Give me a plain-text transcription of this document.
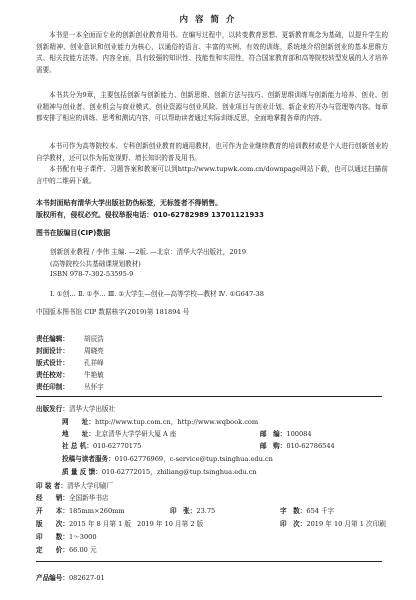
内 容 简 介

本书是一本全面而专业的创新创业教育用书。在编写过程中，以转变教育思想、更新教育观念为基础，以提升学生的创新精神、创业意识和创业能力为核心，以通俗的语言、丰富的实例、有效的训练，系统地介绍创新创业的基本思维方式、相关技能方法等。内容全面，具有较强的知识性、技能性和实用性，符合国家教育部和高等院校转型发展的人才培养需要。

本书共分为9章，主要包括创新与创新能力、创新思维、创新方法与技巧、创新思维训练与创新能力培养、创业、创业精神与创业者、创业机会与商业模式、创业资源与创业风险、创业项目与创业计划、新企业的开办与管理等内容。每章都安排了相应的训练、思考和测试内容，可以帮助读者通过实际训练反思，全面地掌握各章的内容。

本书可作为高等院校本、专科创新创业教育的通用教材，也可作为企业继续教育的培训教材或是个人进行创新创业的自学教材，还可以作为拓宽视野、增长知识的普及用书。

本书配有电子课件、习题答案和教案可以到http://www.tupwk.com.cn/downpage网站下载，也可以通过扫描前言中的二维码下载。

本书封面贴有清华大学出版社防伪标签，无标签者不得销售。
版权所有，侵权必究。侵权举报电话：010-62782989 13701121933
图书在版编目(CIP)数据
创新创业教程 / 李伟 主编. —2版. —北京：清华大学出版社，2019
(高等院校公共基础课规划教材)
ISBN 978-7-302-53595-9
Ⅰ. ①创… Ⅱ. ①李… Ⅲ. ①大学生—创业—高等学校—教材 Ⅳ. ①G647-38
中国版本图书馆 CIP 数据核字(2019)第 181894 号
责任编辑：	胡辰浩
封面设计：	周晓亮
版式设计：	孔祥峰
责任校对：	牛艳敏
责任印制：	丛怀宇
出版发行：清华大学出版社
网　　址：http://www.tup.com.cn，http://www.wqbook.com
地　　址：北京清华大学学研大厦 A 座	邮　编：100084
社 总 机：010-62770175	邮　购：010-62786544
投稿与读者服务：010-62776969，c-service@tup.tsinghua.edu.cn
质 量 反 馈：010-62772015，zhiliang@tup.tsinghua.edu.cn
印 装 者：清华大学印刷厂
经　　销：全国新华书店
开　　本：185mm×260mm	印　张：23.75	字　数：654 千字
版　　次：2015 年 8 月第 1 版 2019 年 10 月第 2 版	印　次：2019 年 10 月第 1 次印刷
印　　数：1～3000
定　　价：66.00 元
产品编号：082627-01
